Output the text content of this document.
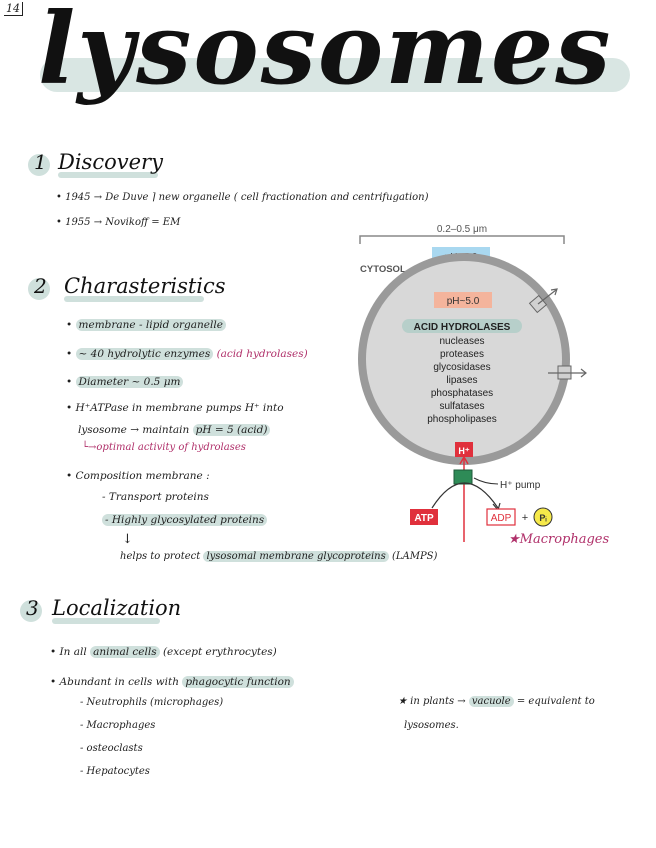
14 lysosomes
1 Discovery
• 1945 → De Duve ⌉ new organelle ( cell fractionation and centrifugation)
• 1955 → Novikoff = EM
2 Charasteristics
• membrane - lipid organelle
• ~ 40 hydrolytic enzymes (acid hydrolases)
• Diameter ~ 0.5 μm
• H⁺ATPase in membrane pumps H⁺ into
lysosome → maintain pH = 5 (acid)
└→optimal activity of hydrolases
• Composition membrane :
- Transport proteins
- Highly glycosylated proteins
↓
helps to protect lysosomal membrane glycoproteins (LAMPS)
3 Localization
• In all animal cells (except erythrocytes)
• Abundant in cells with phagocytic function
- Neutrophils (microphages)
- Macrophages
- osteoclasts
- Hepatocytes
★ in plants → vacuole = equivalent to
lysosomes.
0.2–0.5 μm
CYTOSOL
pH~5.0
ACID HYDROLASES
nucleases
proteases
glycosidases
lipases
phosphatases
sulfatases
phospholipases
H⁺
H⁺ pump
ATP	ADP + Pᵢ
★Macrophages
